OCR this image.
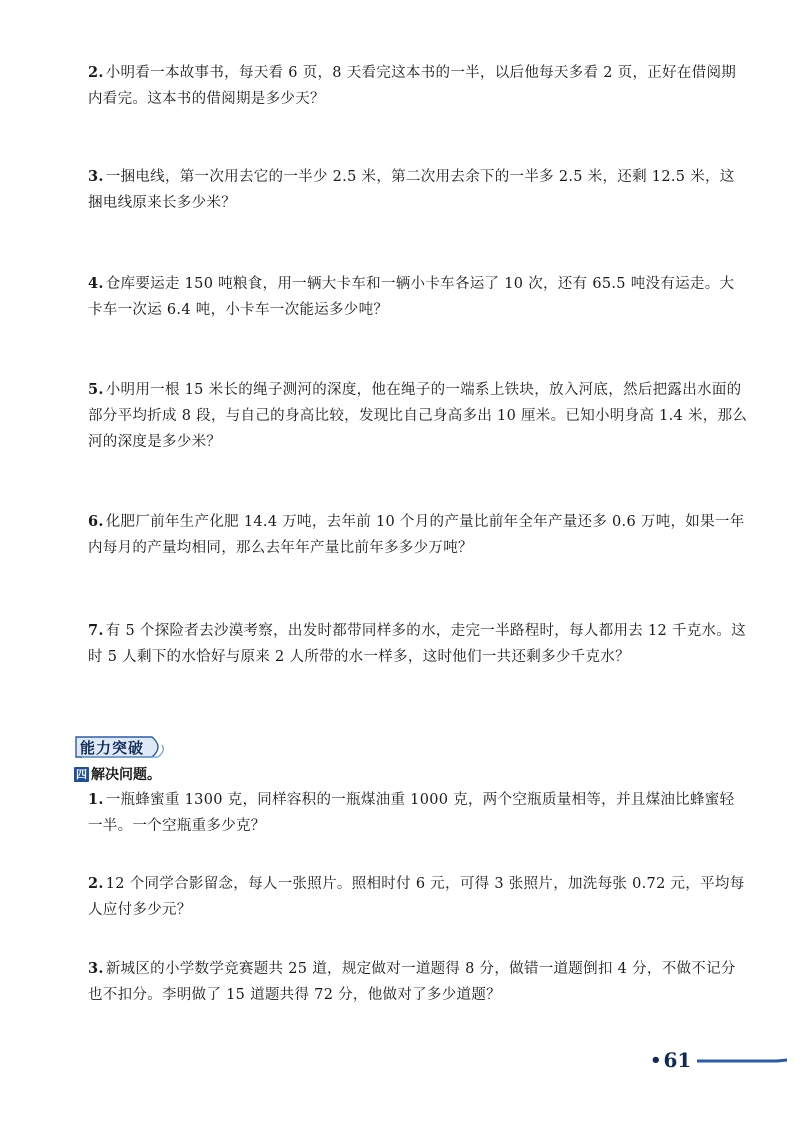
2. 小明看一本故事书，每天看 6 页，8 天看完这本书的一半，以后他每天多看 2 页，正好在借阅期内看完。这本书的借阅期是多少天？
3. 一捆电线，第一次用去它的一半少 2.5 米，第二次用去余下的一半多 2.5 米，还剩 12.5 米，这捆电线原来长多少米？
4. 仓库要运走 150 吨粮食，用一辆大卡车和一辆小卡车各运了 10 次，还有 65.5 吨没有运走。大卡车一次运 6.4 吨，小卡车一次能运多少吨？
5. 小明用一根 15 米长的绳子测河的深度，他在绳子的一端系上铁块，放入河底，然后把露出水面的部分平均折成 8 段，与自己的身高比较，发现比自己身高多出 10 厘米。已知小明身高 1.4 米，那么河的深度是多少米？
6. 化肥厂前年生产化肥 14.4 万吨，去年前 10 个月的产量比前年全年产量还多 0.6 万吨，如果一年内每月的产量均相同，那么去年年产量比前年多多少万吨？
7. 有 5 个探险者去沙漠考察，出发时都带同样多的水，走完一半路程时，每人都用去 12 千克水。这时 5 人剩下的水恰好与原来 2 人所带的水一样多，这时他们一共还剩多少千克水？
能力突破
四 解决问题。
1. 一瓶蜂蜜重 1300 克，同样容积的一瓶煤油重 1000 克，两个空瓶质量相等，并且煤油比蜂蜜轻一半。一个空瓶重多少克？
2. 12 个同学合影留念，每人一张照片。照相时付 6 元，可得 3 张照片，加洗每张 0.72 元，平均每人应付多少元？
3. 新城区的小学数学竞赛题共 25 道，规定做对一道题得 8 分，做错一道题倒扣 4 分，不做不记分也不扣分。李明做了 15 道题共得 72 分，他做对了多少道题？
• 61
